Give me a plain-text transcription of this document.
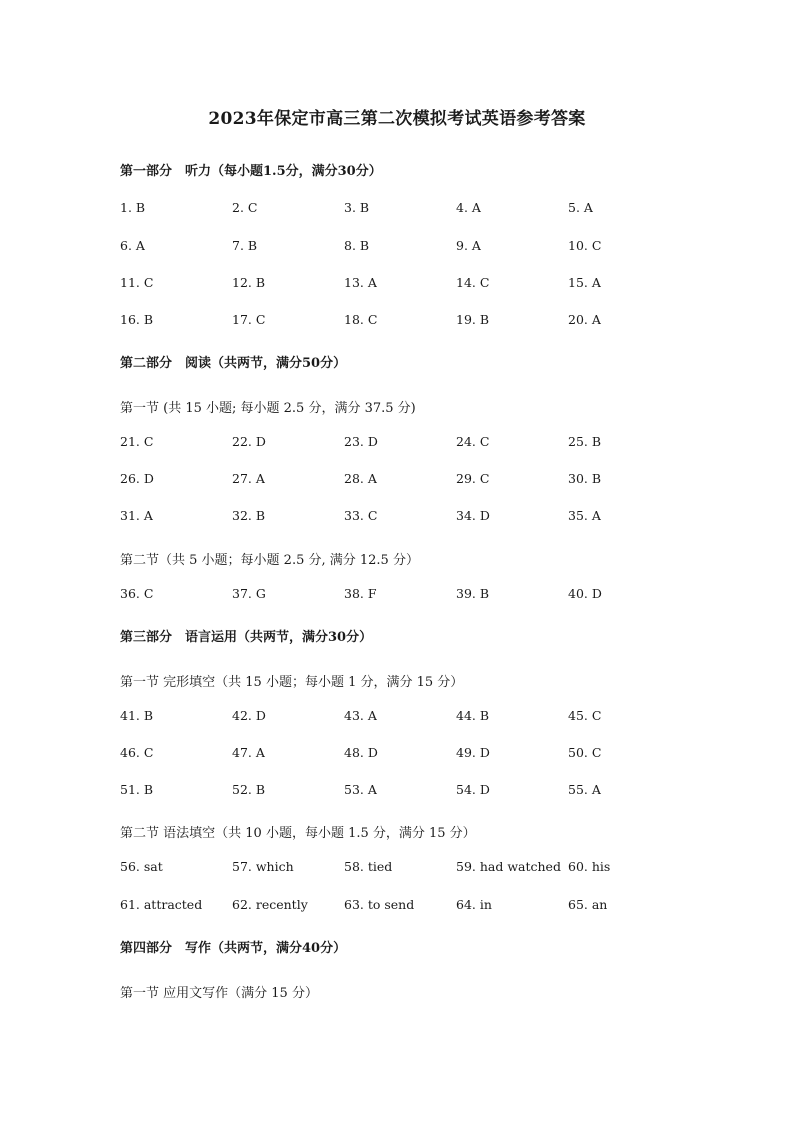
2023年保定市高三第二次模拟考试英语参考答案
第一部分　听力（每小题1.5分，满分30分）
1. B	2. C	3. B	4. A	5. A
6. A	7. B	8. B	9. A	10. C
11. C	12. B	13. A	14. C	15. A
16. B	17. C	18. C	19. B	20. A
第二部分　阅读（共两节，满分50分）
第一节 (共 15 小题; 每小题 2.5 分，满分 37.5 分)
21. C	22. D	23. D	24. C	25. B
26. D	27. A	28. A	29. C	30. B
31. A	32. B	33. C	34. D	35. A
第二节（共 5 小题；每小题 2.5 分, 满分 12.5 分）
36. C	37. G	38. F	39. B	40. D
第三部分　语言运用（共两节，满分30分）
第一节 完形填空（共 15 小题；每小题 1 分，满分 15 分）
41. B	42. D	43. A	44. B	45. C
46. C	47. A	48. D	49. D	50. C
51. B	52. B	53. A	54. D	55. A
第二节 语法填空（共 10 小题，每小题 1.5 分，满分 15 分）
56. sat	57. which	58. tied	59. had watched 60. his
61. attracted 62. recently	63. to send	64. in	65. an
第四部分　写作（共两节，满分40分）
第一节 应用文写作（满分 15 分）
